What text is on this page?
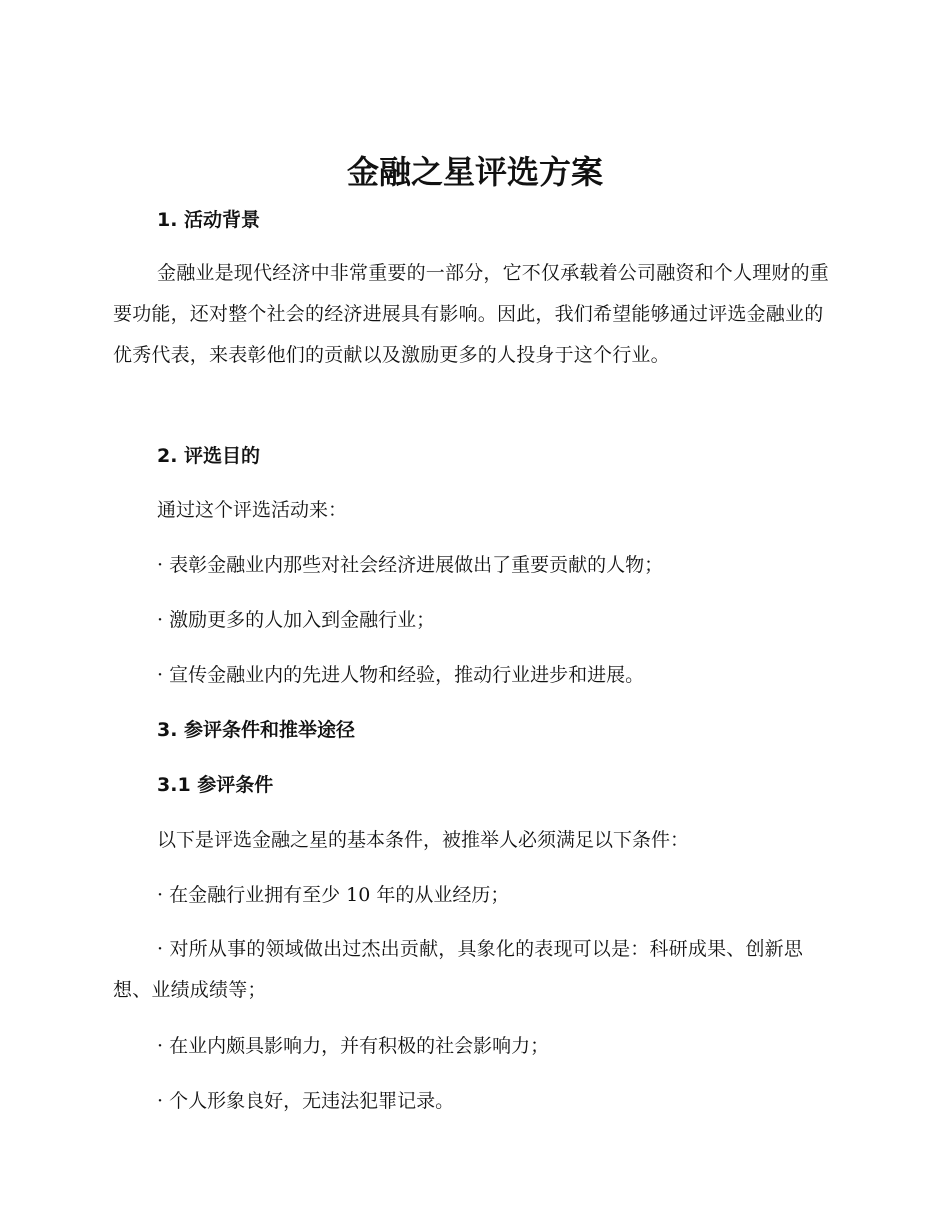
金融之星评选方案
1. 活动背景

金融业是现代经济中非常重要的一部分，它不仅承载着公司融资和个人理财的重要功能，还对整个社会的经济进展具有影响。因此，我们希望能够通过评选金融业的优秀代表，来表彰他们的贡献以及激励更多的人投身于这个行业。

2. 评选目的

通过这个评选活动来：

· 表彰金融业内那些对社会经济进展做出了重要贡献的人物；

· 激励更多的人加入到金融行业；

· 宣传金融业内的先进人物和经验，推动行业进步和进展。

3. 参评条件和推举途径
3.1 参评条件

以下是评选金融之星的基本条件，被推举人必须满足以下条件：

· 在金融行业拥有至少 10 年的从业经历；

· 对所从事的领域做出过杰出贡献，具象化的表现可以是：科研成果、创新思想、业绩成绩等；

· 在业内颇具影响力，并有积极的社会影响力；

· 个人形象良好，无违法犯罪记录。
